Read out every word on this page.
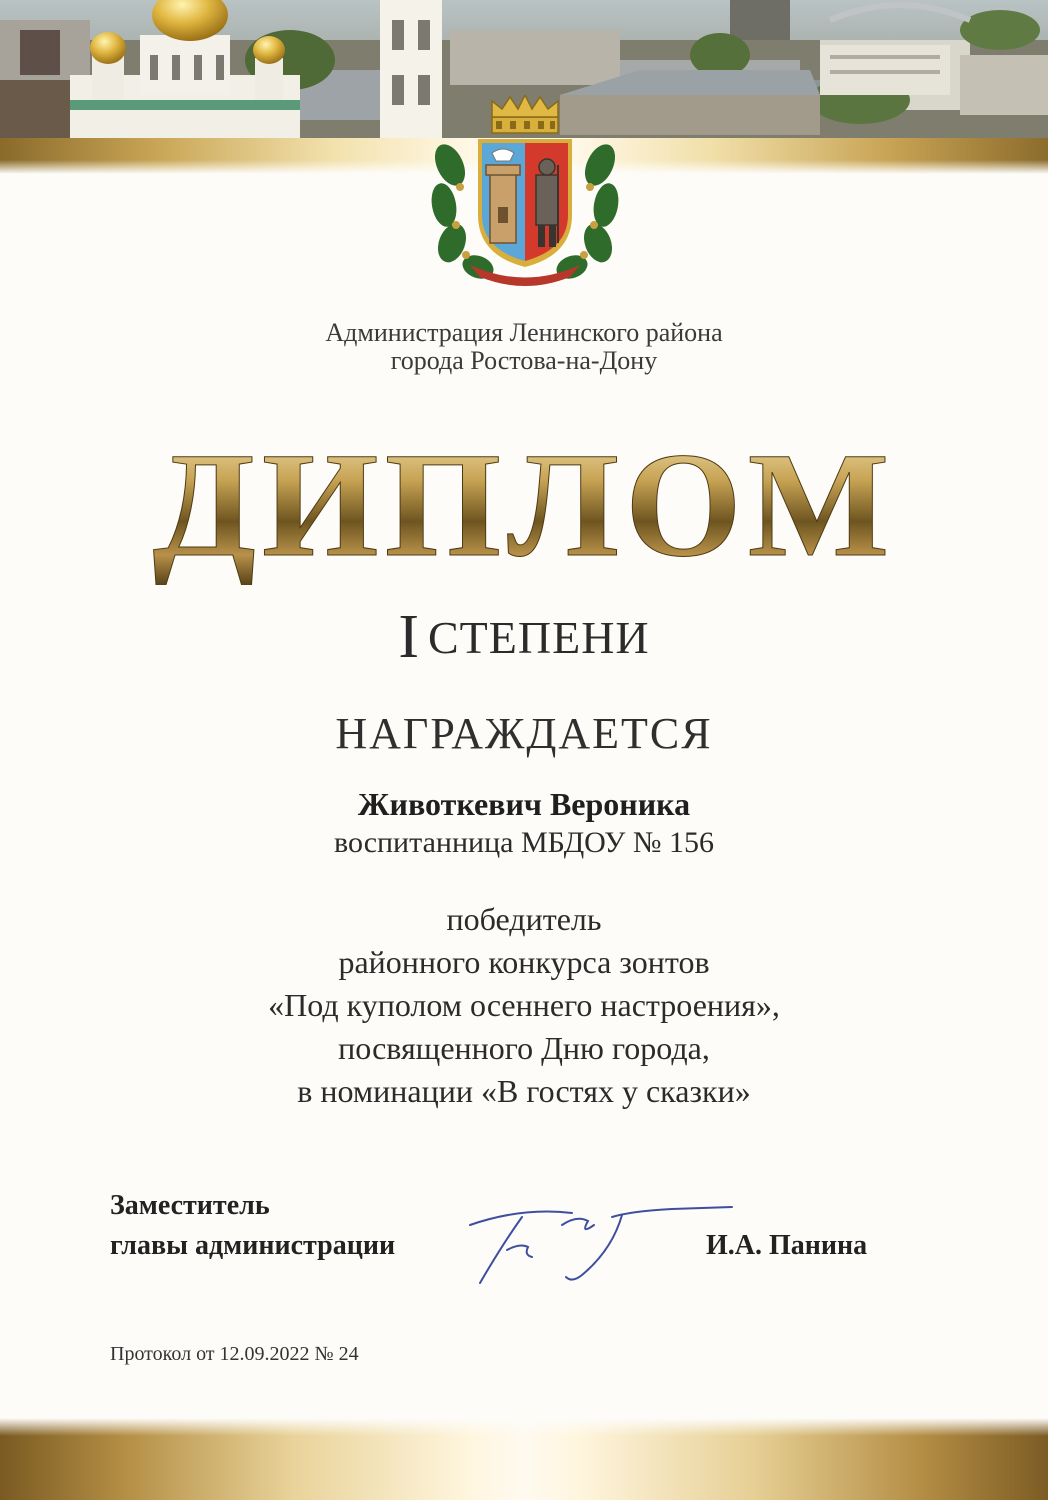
Администрация Ленинского района
города Ростова-на-Дону
ДИПЛОМ
I СТЕПЕНИ
НАГРАЖДАЕТСЯ
Животкевич Вероника
воспитанница МБДОУ № 156
победитель
районного конкурса зонтов
«Под куполом осеннего настроения»,
посвященного Дню города,
в номинации «В гостях у сказки»
Заместитель
главы администрации	И.А. Панина
Протокол от 12.09.2022 № 24
